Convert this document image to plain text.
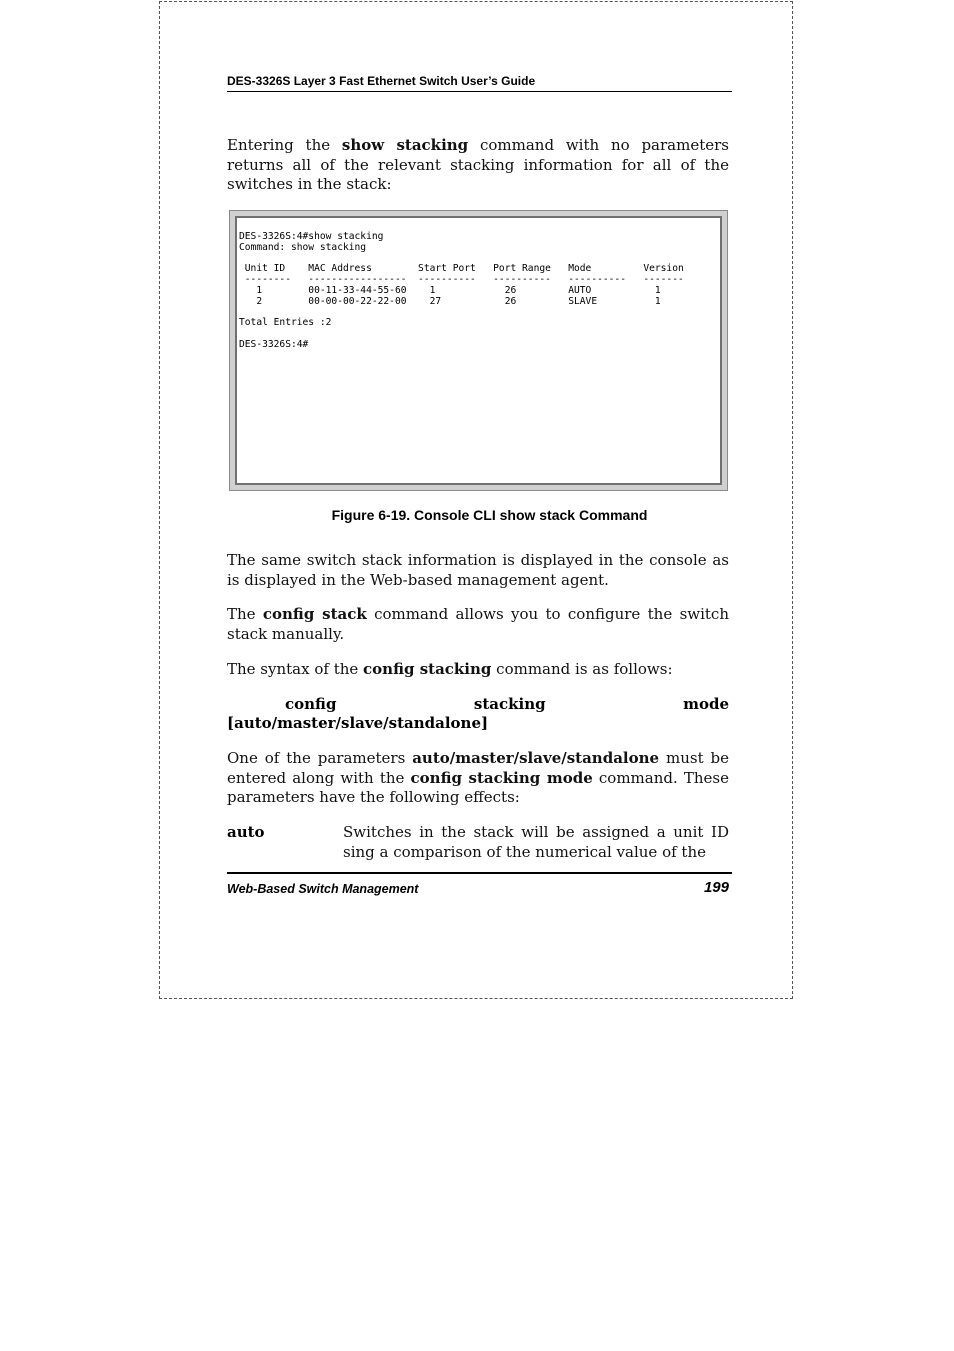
DES-3326S Layer 3 Fast Ethernet Switch User’s Guide

Entering the show stacking command with no parameters returns all of the relevant stacking information for all of the switches in the stack:

DES-3326S:4#show stacking
Command: show stacking

Unit ID    MAC Address        Start Port   Port Range   Mode         Version
--------   -----------------  ----------   ----------   ----------   -------
1        00-11-33-44-55-60    1            26         AUTO           1
2        00-00-00-22-22-00    27           26         SLAVE          1

Total Entries :2

DES-3326S:4#
Figure 6-19. Console CLI show stack Command

The same switch stack information is displayed in the console as is displayed in the Web-based management agent.

The config stack command allows you to configure the switch stack manually.

The syntax of the config stacking command is as follows:

config	stacking	mode
[auto/master/slave/standalone]

One of the parameters auto/master/slave/standalone must be entered along with the config stacking mode command. These parameters have the following effects:

auto	Switches in the stack will be assigned a unit ID sing a comparison of the numerical value of the
Web-Based Switch Management	199
